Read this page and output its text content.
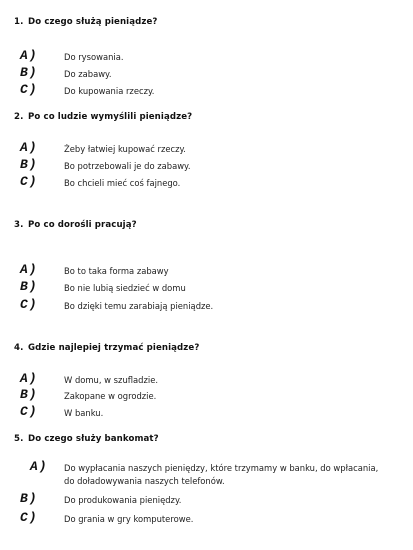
1. Do czego służą pieniądze?
A)	Do rysowania.
B)	Do zabawy.
C)	Do kupowania rzeczy.
2. Po co ludzie wymyślili pieniądze?
A)	Żeby łatwiej kupować rzeczy.
B)	Bo potrzebowali je do zabawy.
C)	Bo chcieli mieć coś fajnego.
3. Po co dorośli pracują?
A)	Bo to taka forma zabawy
B)	Bo nie lubią siedzieć w domu
C)	Bo dzięki temu zarabiają pieniądze.
4. Gdzie najlepiej trzymać pieniądze?
A)	W domu, w szufladzie.
B)	Zakopane w ogrodzie.
C)	W banku.
5. Do czego służy bankomat?
A) Do wypłacania naszych pieniędzy, które trzymamy w banku, do wpłacania, do doładowywania naszych telefonów.
B)	Do produkowania pieniędzy.
C)	Do grania w gry komputerowe.
